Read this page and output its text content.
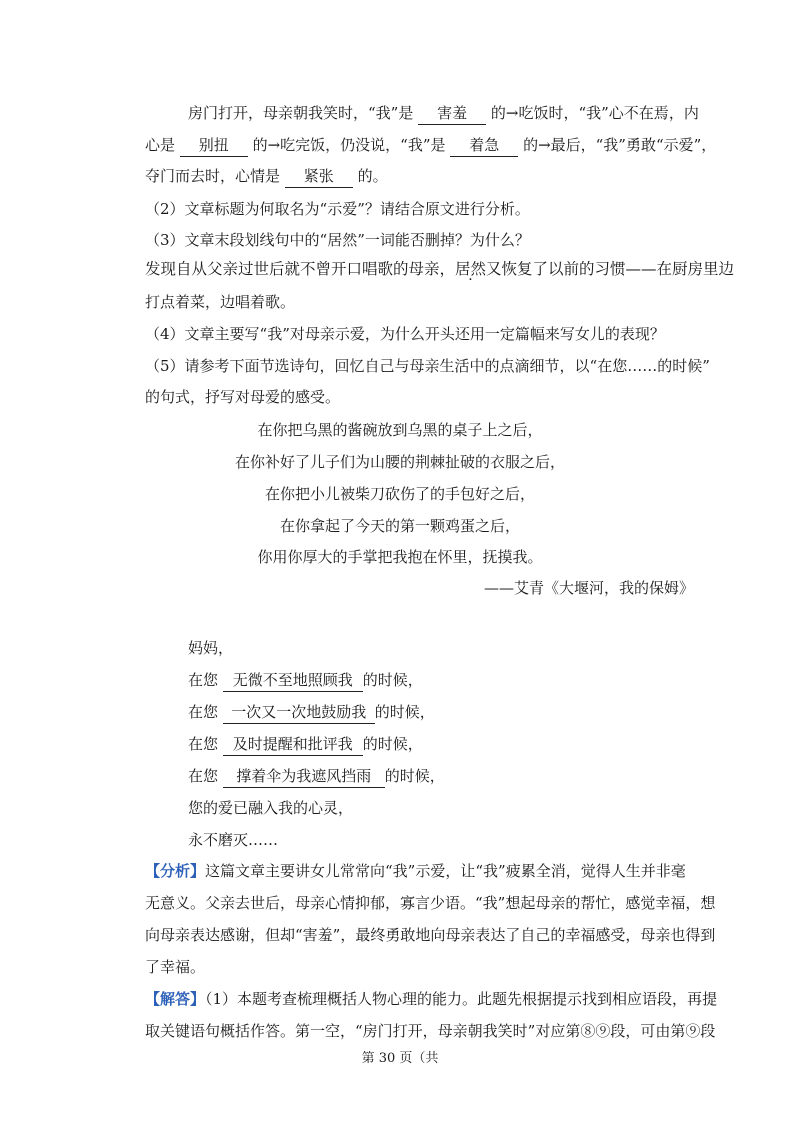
房门打开，母亲朝我笑时，“我”是 害羞 的→吃饭时，“我”心不在焉，内
心是 别扭 的→吃完饭，仍没说，“我”是 着急 的→最后，“我”勇敢“示爱”，
夺门而去时，心情是 紧张 的。
（2）文章标题为何取名为“示爱”？请结合原文进行分析。
（3）文章末段划线句中的“居然”一词能否删掉？为什么？
发现自从父亲过世后就不曾开口唱歌的母亲，居然又恢复了以前的习惯——在厨房里边
打点着菜，边唱着歌。
（4）文章主要写“我”对母亲示爱，为什么开头还用一定篇幅来写女儿的表现？
（5）请参考下面节选诗句，回忆自己与母亲生活中的点滴细节，以“在您……的时候”
的句式，抒写对母爱的感受。
在你把乌黑的酱碗放到乌黑的桌子上之后，
在你补好了儿子们为山腰的荆棘扯破的衣服之后，
在你把小儿被柴刀砍伤了的手包好之后，
在你拿起了今天的第一颗鸡蛋之后，
你用你厚大的手掌把我抱在怀里，抚摸我。
——艾青《大堰河，我的保姆》
妈妈，
在您 无微不至地照顾我 的时候，
在您 一次又一次地鼓励我 的时候，
在您 及时提醒和批评我 的时候，
在您 撑着伞为我遮风挡雨 的时候，
您的爱已融入我的心灵，
永不磨灭……
【分析】这篇文章主要讲女儿常常向“我”示爱，让“我”疲累全消，觉得人生并非毫
无意义。父亲去世后，母亲心情抑郁，寡言少语。“我”想起母亲的帮忙，感觉幸福，想
向母亲表达感谢，但却“害羞”，最终勇敢地向母亲表达了自己的幸福感受，母亲也得到
了幸福。
【解答】（1）本题考查梳理概括人物心理的能力。此题先根据提示找到相应语段，再提
取关键语句概括作答。第一空，“房门打开，母亲朝我笑时”对应第⑧⑨段，可由第⑨段
第 30 页（共
